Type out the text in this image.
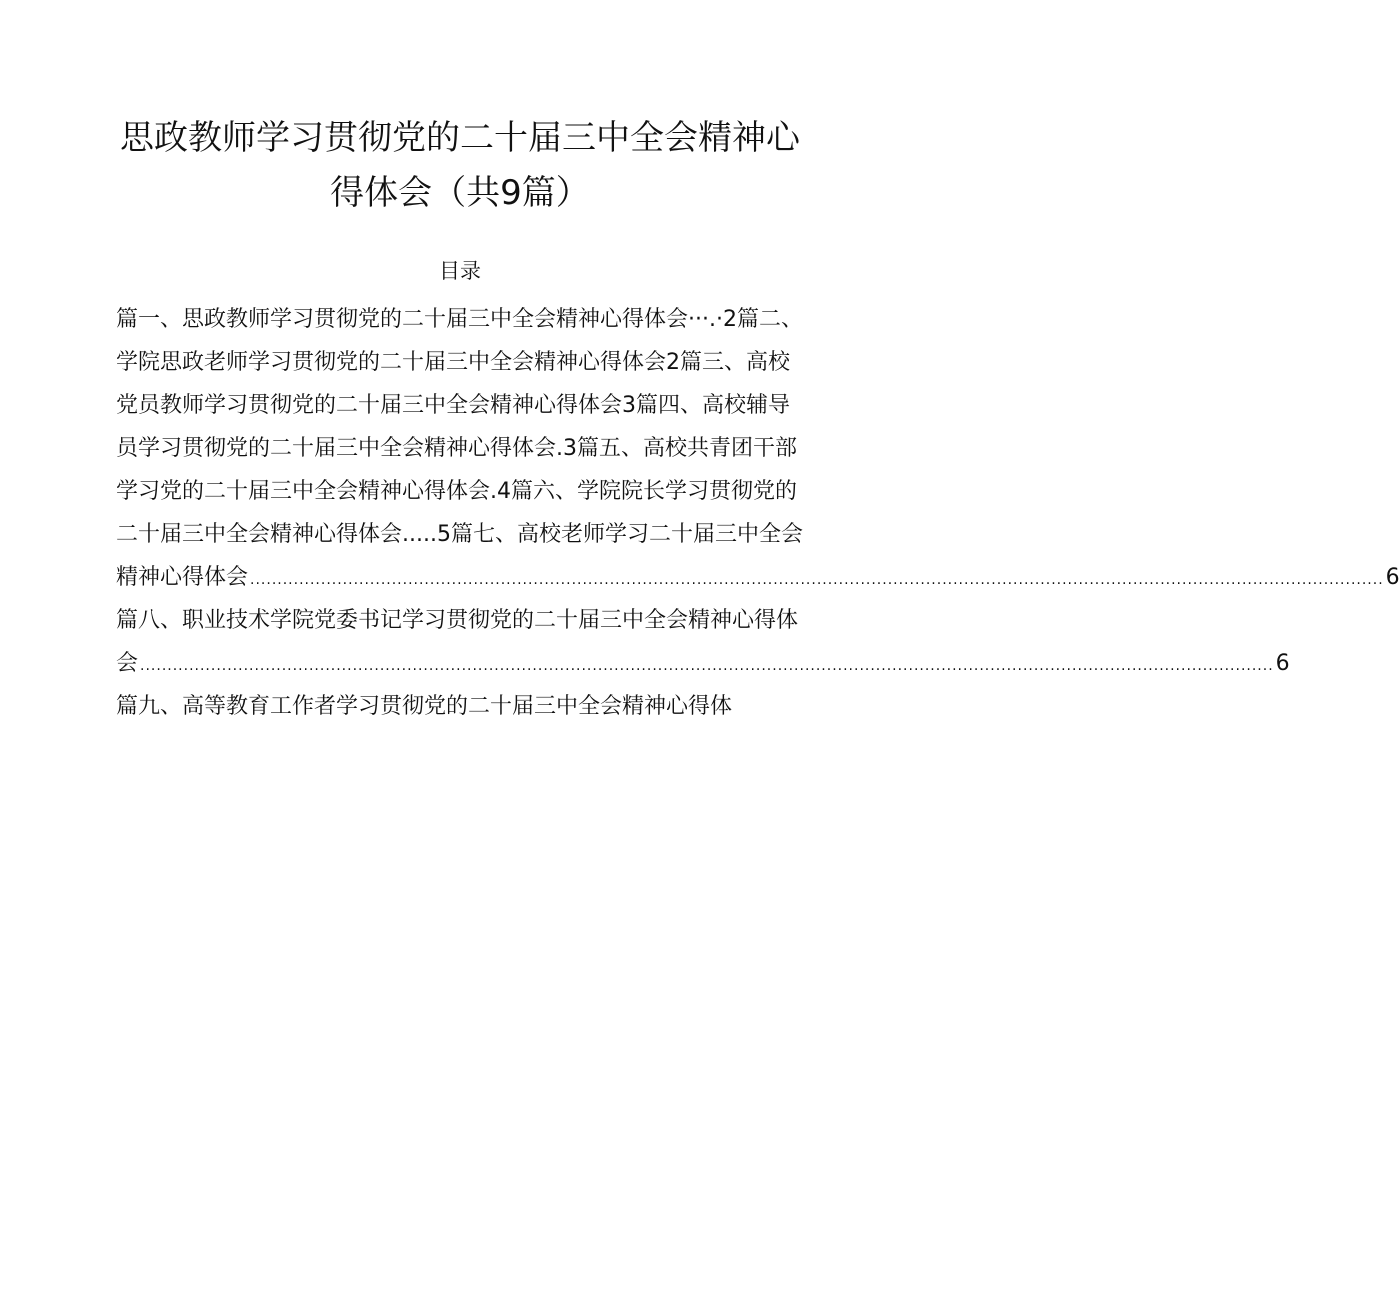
思政教师学习贯彻党的二十届三中全会精神心
得体会（共9篇）
目录
篇一、思政教师学习贯彻党的二十届三中全会精神心得体会···.·2篇二、
学院思政老师学习贯彻党的二十届三中全会精神心得体会2篇三、高校
党员教师学习贯彻党的二十届三中全会精神心得体会3篇四、高校辅导
员学习贯彻党的二十届三中全会精神心得体会.3篇五、高校共青团干部
学习党的二十届三中全会精神心得体会.4篇六、学院院长学习贯彻党的
二十届三中全会精神心得体会.....5篇七、高校老师学习二十届三中全会
精神心得体会 ................................................................................................................................................................................................................ 6
篇八、职业技术学院党委书记学习贯彻党的二十届三中全会精神心得体
会 ................................................................................................................................................................................................................ 6
篇九、高等教育工作者学习贯彻党的二十届三中全会精神心得体
